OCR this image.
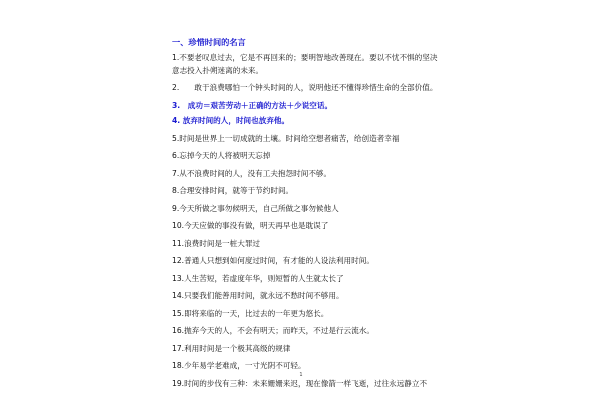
一、珍惜时间的名言
1.不要老叹息过去，它是不再回来的；要明智地改善现在。要以不忧不惧的坚决意志投入扑朔迷离的未来。
2.　　敢于浪费哪怕一个钟头时间的人，说明他还不懂得珍惜生命的全部价值。
3.　成功＝艰苦劳动＋正确的方法＋少说空话。
4. 放弃时间的人，时间也放弃他。
5.时间是世界上一切成就的土壤。时间给空想者痛苦，给创造者幸福
6.忘掉今天的人将被明天忘掉
7.从不浪费时间的人，没有工夫抱怨时间不够。
8.合理安排时间，就等于节约时间。
9.今天所做之事勿候明天，自己所做之事勿候他人
10.今天应做的事没有做，明天再早也是耽误了
11.浪费时间是一桩大罪过
12.普通人只想到如何度过时间，有才能的人设法利用时间。
13.人生苦短，若虚度年华，则短暂的人生就太长了
14.只要我们能善用时间，就永远不愁时间不够用。
15.即将来临的一天，比过去的一年更为悠长。
16.抛弃今天的人，不会有明天；而昨天，不过是行云流水。
17.利用时间是一个极其高级的规律
18.少年易学老难成，一寸光阴不可轻。
19.时间的步伐有三种：未来姗姗来迟，现在像箭一样飞逝，过往永远静立不
1
